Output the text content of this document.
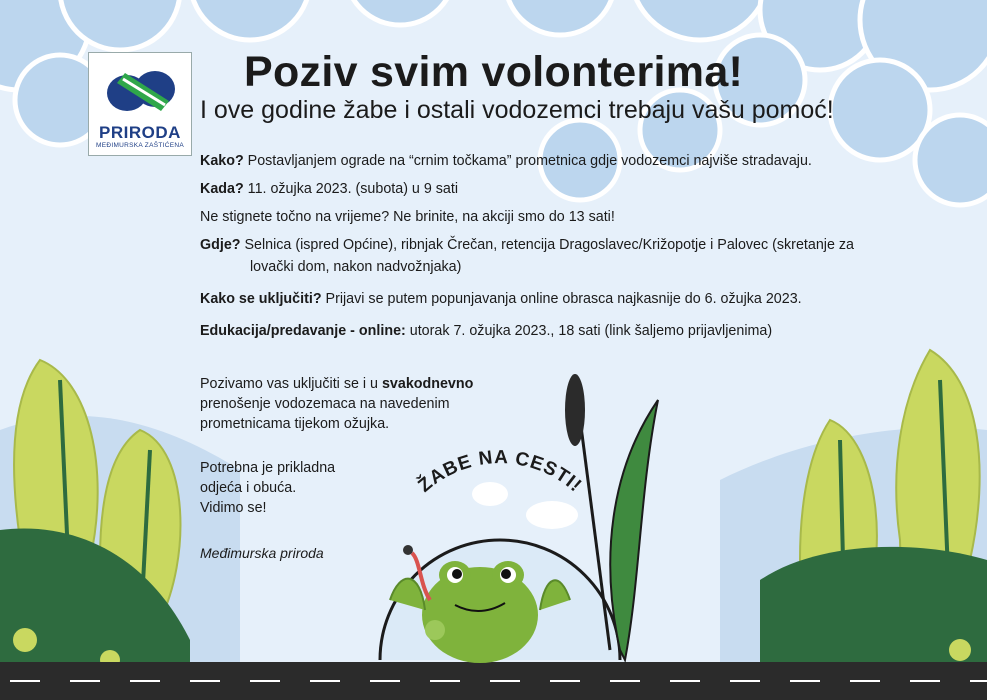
PRIRODA
MEĐIMURSKA ZAŠTIĆENA
Poziv svim volonterima!
I ove godine žabe i ostali vodozemci trebaju vašu pomoć!
Kako? Postavljanjem ograde na “crnim točkama” prometnica gdje vodozemci najviše stradavaju.
Kada? 11. ožujka 2023. (subota) u 9 sati
Ne stignete točno na vrijeme? Ne brinite, na akciji smo do 13 sati!
Gdje? Selnica (ispred Općine), ribnjak Črečan, retencija Dragoslavec/Križopotje i Palovec (skretanje za
lovački dom, nakon nadvožnjaka)
Kako se uključiti? Prijavi se putem popunjavanja online obrasca najkasnije do 6. ožujka 2023.
Edukacija/predavanje - online: utorak 7. ožujka 2023., 18 sati (link šaljemo prijavljenima)
Pozivamo vas uključiti se i u svakodnevno
prenošenje vodozemaca na navedenim
prometnicama tijekom ožujka.
Potrebna je prikladna
odjeća i obuća.
Vidimo se!
Međimurska priroda
ŽABE NA CESTI!
